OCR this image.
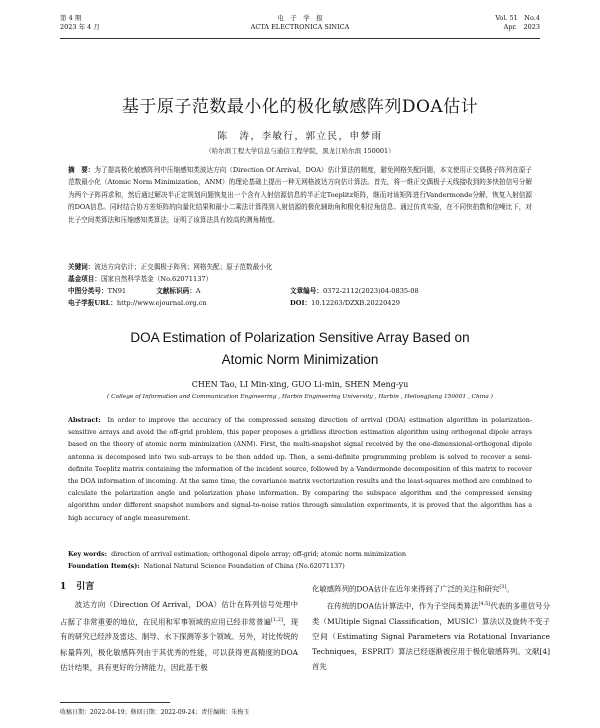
第 4 期
2023 年 4 月
电　子　学　报
ACTA ELECTRONICA SINICA
Vol. 51　No.4
Apr.　2023
基于原子范数最小化的极化敏感阵列DOA估计
陈　涛，李敏行，郭立民，申梦雨
（哈尔滨工程大学信息与通信工程学院，黑龙江哈尔滨 150001）
摘　要：为了提高极化敏感阵列中压缩感知类波达方向（Direction Of Arrival，DOA）估计算法的精度，避免网格失配问题，本文使用正交偶极子阵列在原子范数最小化（Atomic Norm Minimization，ANM）的理论基础上提出一种无网格波达方向估计算法。首先，将一维正交偶极子天线接收到的多快拍信号分解为两个子阵再求和，然后通过解决半正定规划问题恢复出一个含有入射信源信息的半正定Toeplitz矩阵，继而对该矩阵进行Vandermonde分解，恢复入射信源的DOA信息。同时结合协方差矩阵的向量化结果和最小二乘法计算得到入射信源的极化辅助角和极化相位角信息。通过仿真实验，在不同快拍数和信噪比下，对比子空间类算法和压缩感知类算法，证明了该算法具有较高的测角精度。
关键词：波达方向估计；正交偶极子阵列；网格失配；原子范数最小化
基金项目：国家自然科学基金（No.62071137）
中图分类号：TN91	文献标识码：A	文章编号：0372-2112(2023)04-0835-08
电子学报URL：http://www.ejournal.org.cn	DOI：10.12263/DZXB.20220429
DOA Estimation of Polarization Sensitive Array Based on
Atomic Norm Minimization
CHEN Tao, LI Min-xing, GUO Li-min, SHEN Meng-yu
( College of Information and Communication Engineering , Harbin Engineering University , Harbin , Heilongjiang 150001 , China )
Abstract: In order to improve the accuracy of the compressed sensing direction of arrival (DOA) estimation algorithm in polarization-sensitive arrays and avoid the off-grid problem, this paper proposes a gridless direction estimation algorithm using orthogonal dipole arrays based on the theory of atomic norm minimization (ANM). First, the multi-snapshot signal received by the one-dimensional-orthogonal dipole antenna is decomposed into two sub-arrays to be then added up. Then, a semi-definite programming problem is solved to recover a semi-definite Toeplitz matrix containing the information of the incident source, followed by a Vandermonde decomposition of this matrix to recover the DOA information of incoming. At the same time, the covariance matrix vectorization results and the least-squares method are combined to calculate the polarization angle and polarization phase information. By comparing the subspace algorithm and the compressed sensing algorithm under different snapshot numbers and signal-to-noise ratios through simulation experiments, it is proved that the algorithm has a high accuracy of angle measurement.
Key words: direction of arrival estimation; orthogonal dipole array; off-grid; atomic norm minimization
Foundation Item(s): National Natural Science Foundation of China (No.62071137)
1 引言

波达方向（Direction Of Arrival，DOA）估计在阵列信号处理中占据了非常重要的地位，在民用和军事领域的应用已经非常普遍[1,2]，现有的研究已经涉及雷达、制导、水下探测等多个领域。另外，对比传统的标量阵列，极化敏感阵列由于其优秀的性能，可以获得更高精度的DOA估计结果，具有更好的分辨能力，因此基于极

化敏感阵列的DOA估计在近年来得到了广泛的关注和研究[3]。

在传统的DOA估计算法中，作为子空间类算法[4,5]代表的多重信号分类（MUltiple Signal Classification，MUSIC）算法以及旋转不变子空间（Estimating Signal Parameters via Rotational Invariance Techniques，ESPRIT）算法已经逐渐被应用于极化敏感阵列。文献[4]首先

收稿日期：2022-04-19；修回日期：2022-09-24；责任编辑：朱梅玉
